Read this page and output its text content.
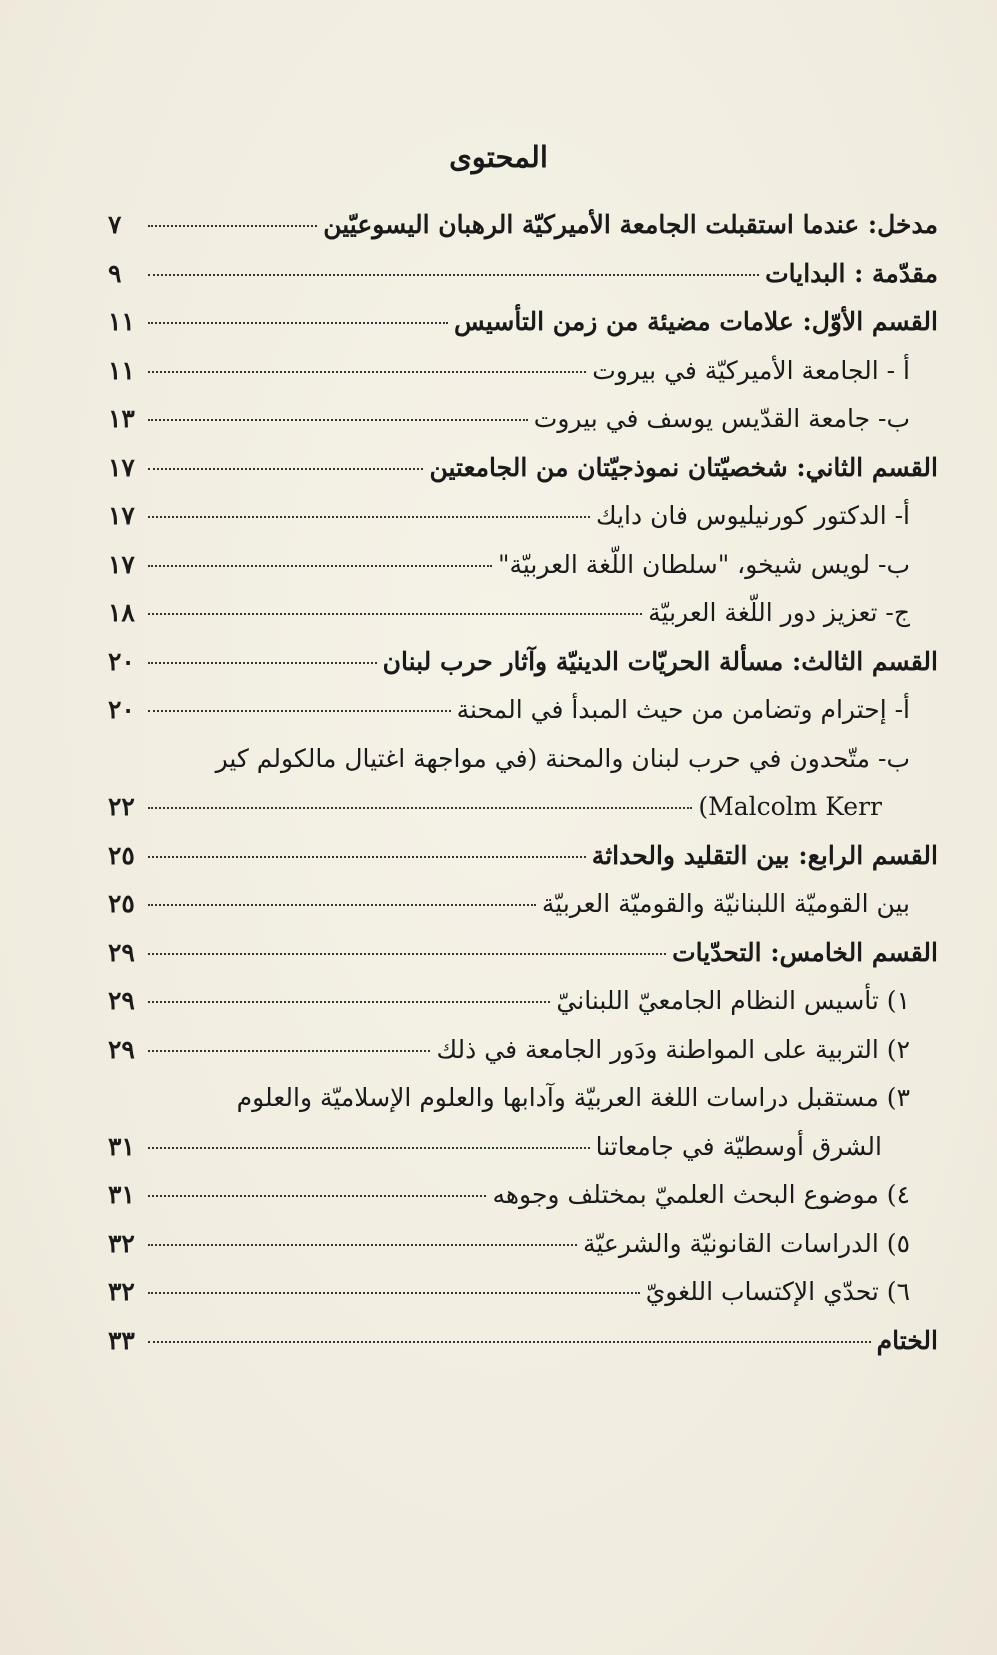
المحتوى
مدخل: عندما استقبلت الجامعة الأميركيّة الرهبان اليسوعيّين
٧
مقدّمة : البدايات
٩
القسم الأوّل: علامات مضيئة من زمن التأسيس
١١
أ - الجامعة الأميركيّة في بيروت
١١
ب- جامعة القدّيس يوسف في بيروت
١٣
القسم الثاني: شخصيّتان نموذجيّتان من الجامعتين
١٧
أ- الدكتور كورنيليوس فان دايك
١٧
ب- لويس شيخو، "سلطان اللّغة العربيّة"
١٧
ج- تعزيز دور اللّغة العربيّة
١٨
القسم الثالث: مسألة الحريّات الدينيّة وآثار حرب لبنان
٢٠
أ- إحترام وتضامن من حيث المبدأ في المحنة
٢٠
ب- متّحدون في حرب لبنان والمحنة (في مواجهة اغتيال مالكولم كير
(Malcolm Kerr
٢٢
القسم الرابع: بين التقليد والحداثة
٢٥
بين القوميّة اللبنانيّة والقوميّة العربيّة
٢٥
القسم الخامس: التحدّيات
٢٩
١) تأسيس النظام الجامعيّ اللبنانيّ
٢٩
٢) التربية على المواطنة ودَور الجامعة في ذلك
٢٩
٣) مستقبل دراسات اللغة العربيّة وآدابها والعلوم الإسلاميّة والعلوم
الشرق أوسطيّة في جامعاتنا
٣١
٤) موضوع البحث العلميّ بمختلف وجوهه
٣١
٥) الدراسات القانونيّة والشرعيّة
٣٢
٦) تحدّي الإكتساب اللغويّ
٣٢
الختام
٣٣
